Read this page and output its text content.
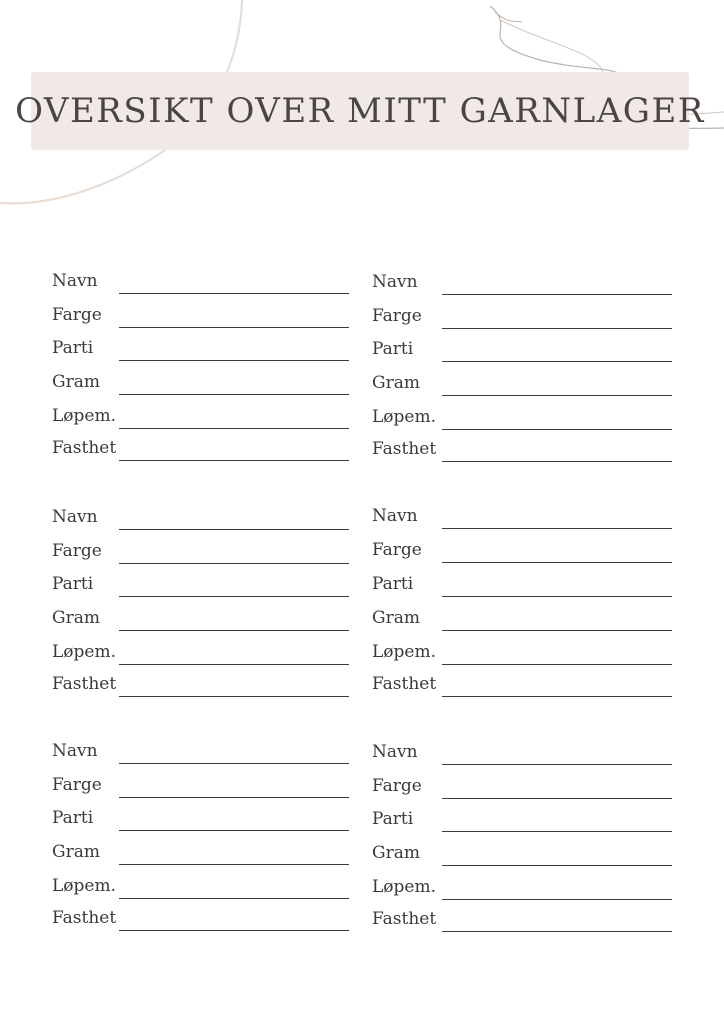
OVERSIKT OVER MITT GARNLAGER
Navn
Farge
Parti
Gram
Løpem.
Fasthet
Navn
Farge
Parti
Gram
Løpem.
Fasthet
Navn
Farge
Parti
Gram
Løpem.
Fasthet
Navn
Farge
Parti
Gram
Løpem.
Fasthet
Navn
Farge
Parti
Gram
Løpem.
Fasthet
Navn
Farge
Parti
Gram
Løpem.
Fasthet
